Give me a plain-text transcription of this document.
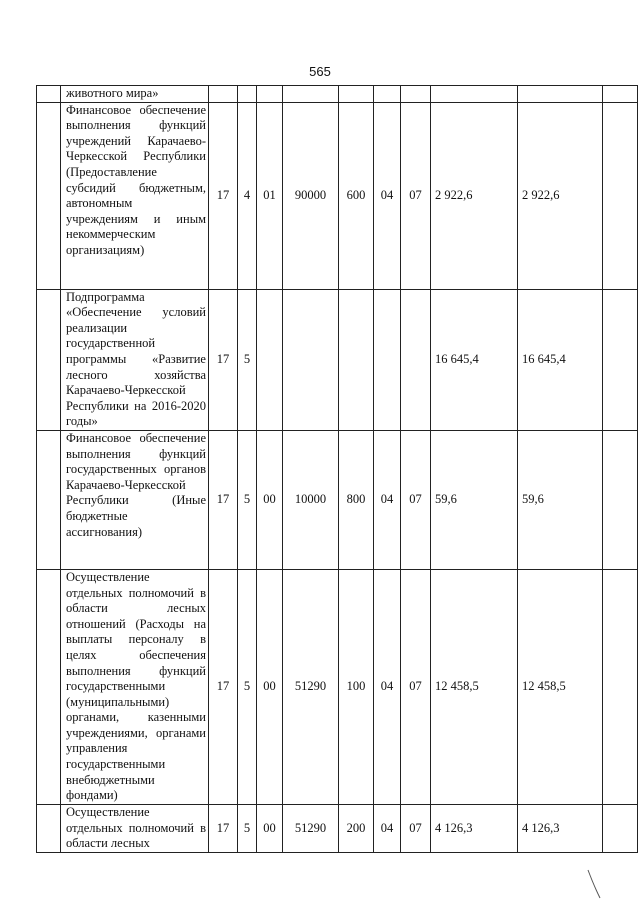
565
	животного мира»										
	Финансовое обеспечение выполнения функций учреждений Карачаево-Черкесской Республики (Предоставление субсидий бюджетным, автономным учреждениям и иным некоммерческим организациям)	17	4	01	90000	600	04	07	2 922,6	2 922,6	
	Подпрограмма «Обеспечение условий реализации государственной программы «Развитие лесного хозяйства Карачаево-Черкесской Республики на 2016-2020 годы»	17	5						16 645,4	16 645,4	
	Финансовое обеспечение выполнения функций государственных органов Карачаево-Черкесской Республики (Иные бюджетные ассигнования)	17	5	00	10000	800	04	07	59,6	59,6	
	Осуществление отдельных полномочий в области лесных отношений (Расходы на выплаты персоналу в целях обеспечения выполнения функций государственными (муниципальными) органами, казенными учреждениями, органами управления государственными внебюджетными фондами)	17	5	00	51290	100	04	07	12 458,5	12 458,5	
	Осуществление отдельных полномочий в области лесных	17	5	00	51290	200	04	07	4 126,3	4 126,3	
